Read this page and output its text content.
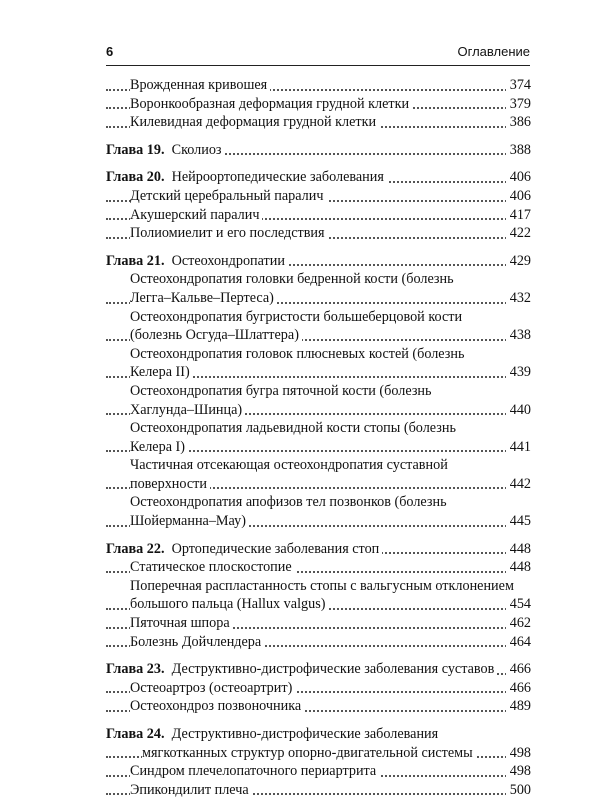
6	Оглавление
Врожденная кривошея	374
Воронкообразная деформация грудной клетки	379
Килевидная деформация грудной клетки	386
Глава 19. Сколиоз	388
Глава 20. Нейроортопедические заболевания	406
Детский церебральный паралич	406
Акушерский паралич	417
Полиомиелит и его последствия	422
Глава 21. Остеохондропатии	429
Остеохондропатия головки бедренной кости (болезнь
Легга–Кальве–Пертеса)	432
Остеохондропатия бугристости большеберцовой кости
(болезнь Осгуда–Шлаттера)	438
Остеохондропатия головок плюсневых костей (болезнь
Келера II)	439
Остеохондропатия бугра пяточной кости (болезнь
Хаглунда–Шинца)	440
Остеохондропатия ладьевидной кости стопы (болезнь
Келера I)	441
Частичная отсекающая остеохондропатия суставной
поверхности	442
Остеохондропатия апофизов тел позвонков (болезнь
Шойерманна–Мау)	445
Глава 22. Ортопедические заболевания стоп	448
Статическое плоскостопие	448
Поперечная распластанность стопы с вальгусным отклонением
большого пальца (Hallux valgus)	454
Пяточная шпора	462
Болезнь Дойчлендера	464
Глава 23. Деструктивно-дистрофические заболевания суставов 466
Остеоартроз (остеоартрит)	466
Остеохондроз позвоночника	489
Глава 24. Деструктивно-дистрофические заболевания
мягкотканных структур опорно-двигательной системы	498
Синдром плечелопаточного периартрита	498
Эпикондилит плеча	500
